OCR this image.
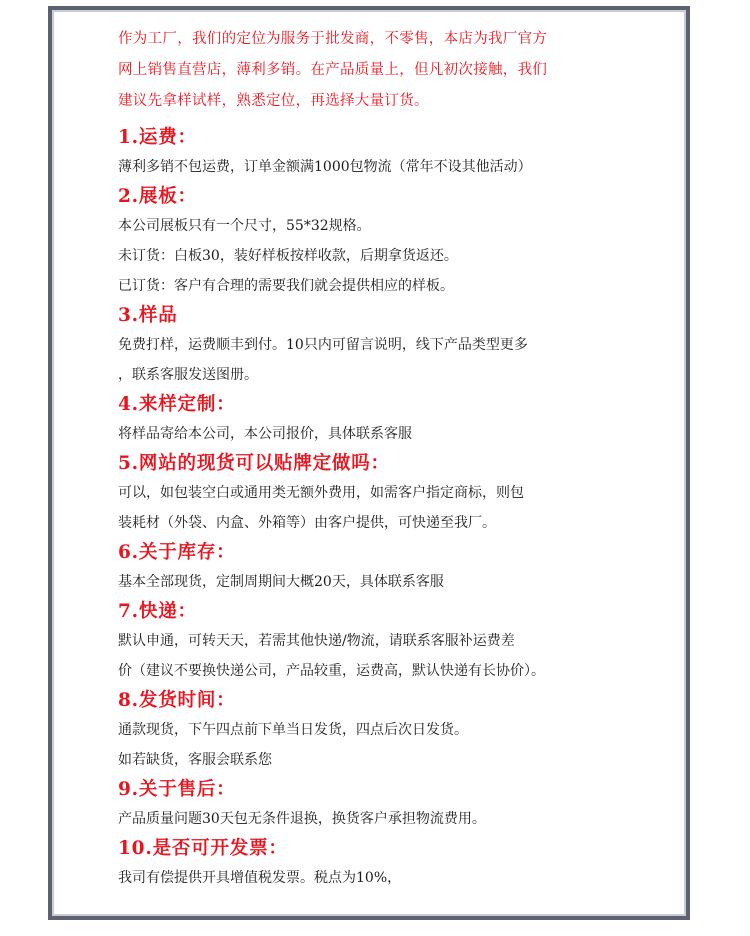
作为工厂，我们的定位为服务于批发商，不零售，本店为我厂官方

网上销售直营店，薄利多销。在产品质量上，但凡初次接触，我们

建议先拿样试样，熟悉定位，再选择大量订货。

1.运费：

薄利多销不包运费，订单金额满1000包物流（常年不设其他活动）

2.展板：

本公司展板只有一个尺寸，55*32规格。

未订货：白板30，装好样板按样收款，后期拿货返还。

已订货：客户有合理的需要我们就会提供相应的样板。

3.样品

免费打样，运费顺丰到付。10只内可留言说明，线下产品类型更多

，联系客服发送图册。

4.来样定制：

将样品寄给本公司，本公司报价，具体联系客服

5.网站的现货可以贴牌定做吗：

可以，如包装空白或通用类无额外费用，如需客户指定商标，则包

装耗材（外袋、内盒、外箱等）由客户提供，可快递至我厂。

6.关于库存：

基本全部现货，定制周期间大概20天，具体联系客服

7.快递：

默认申通，可转天天，若需其他快递/物流，请联系客服补运费差

价（建议不要换快递公司，产品较重，运费高，默认快递有长协价）。

8.发货时间：

通款现货，下午四点前下单当日发货，四点后次日发货。

如若缺货，客服会联系您

9.关于售后：

产品质量问题30天包无条件退换，换货客户承担物流费用。

10.是否可开发票：

我司有偿提供开具增值税发票。税点为10%，
